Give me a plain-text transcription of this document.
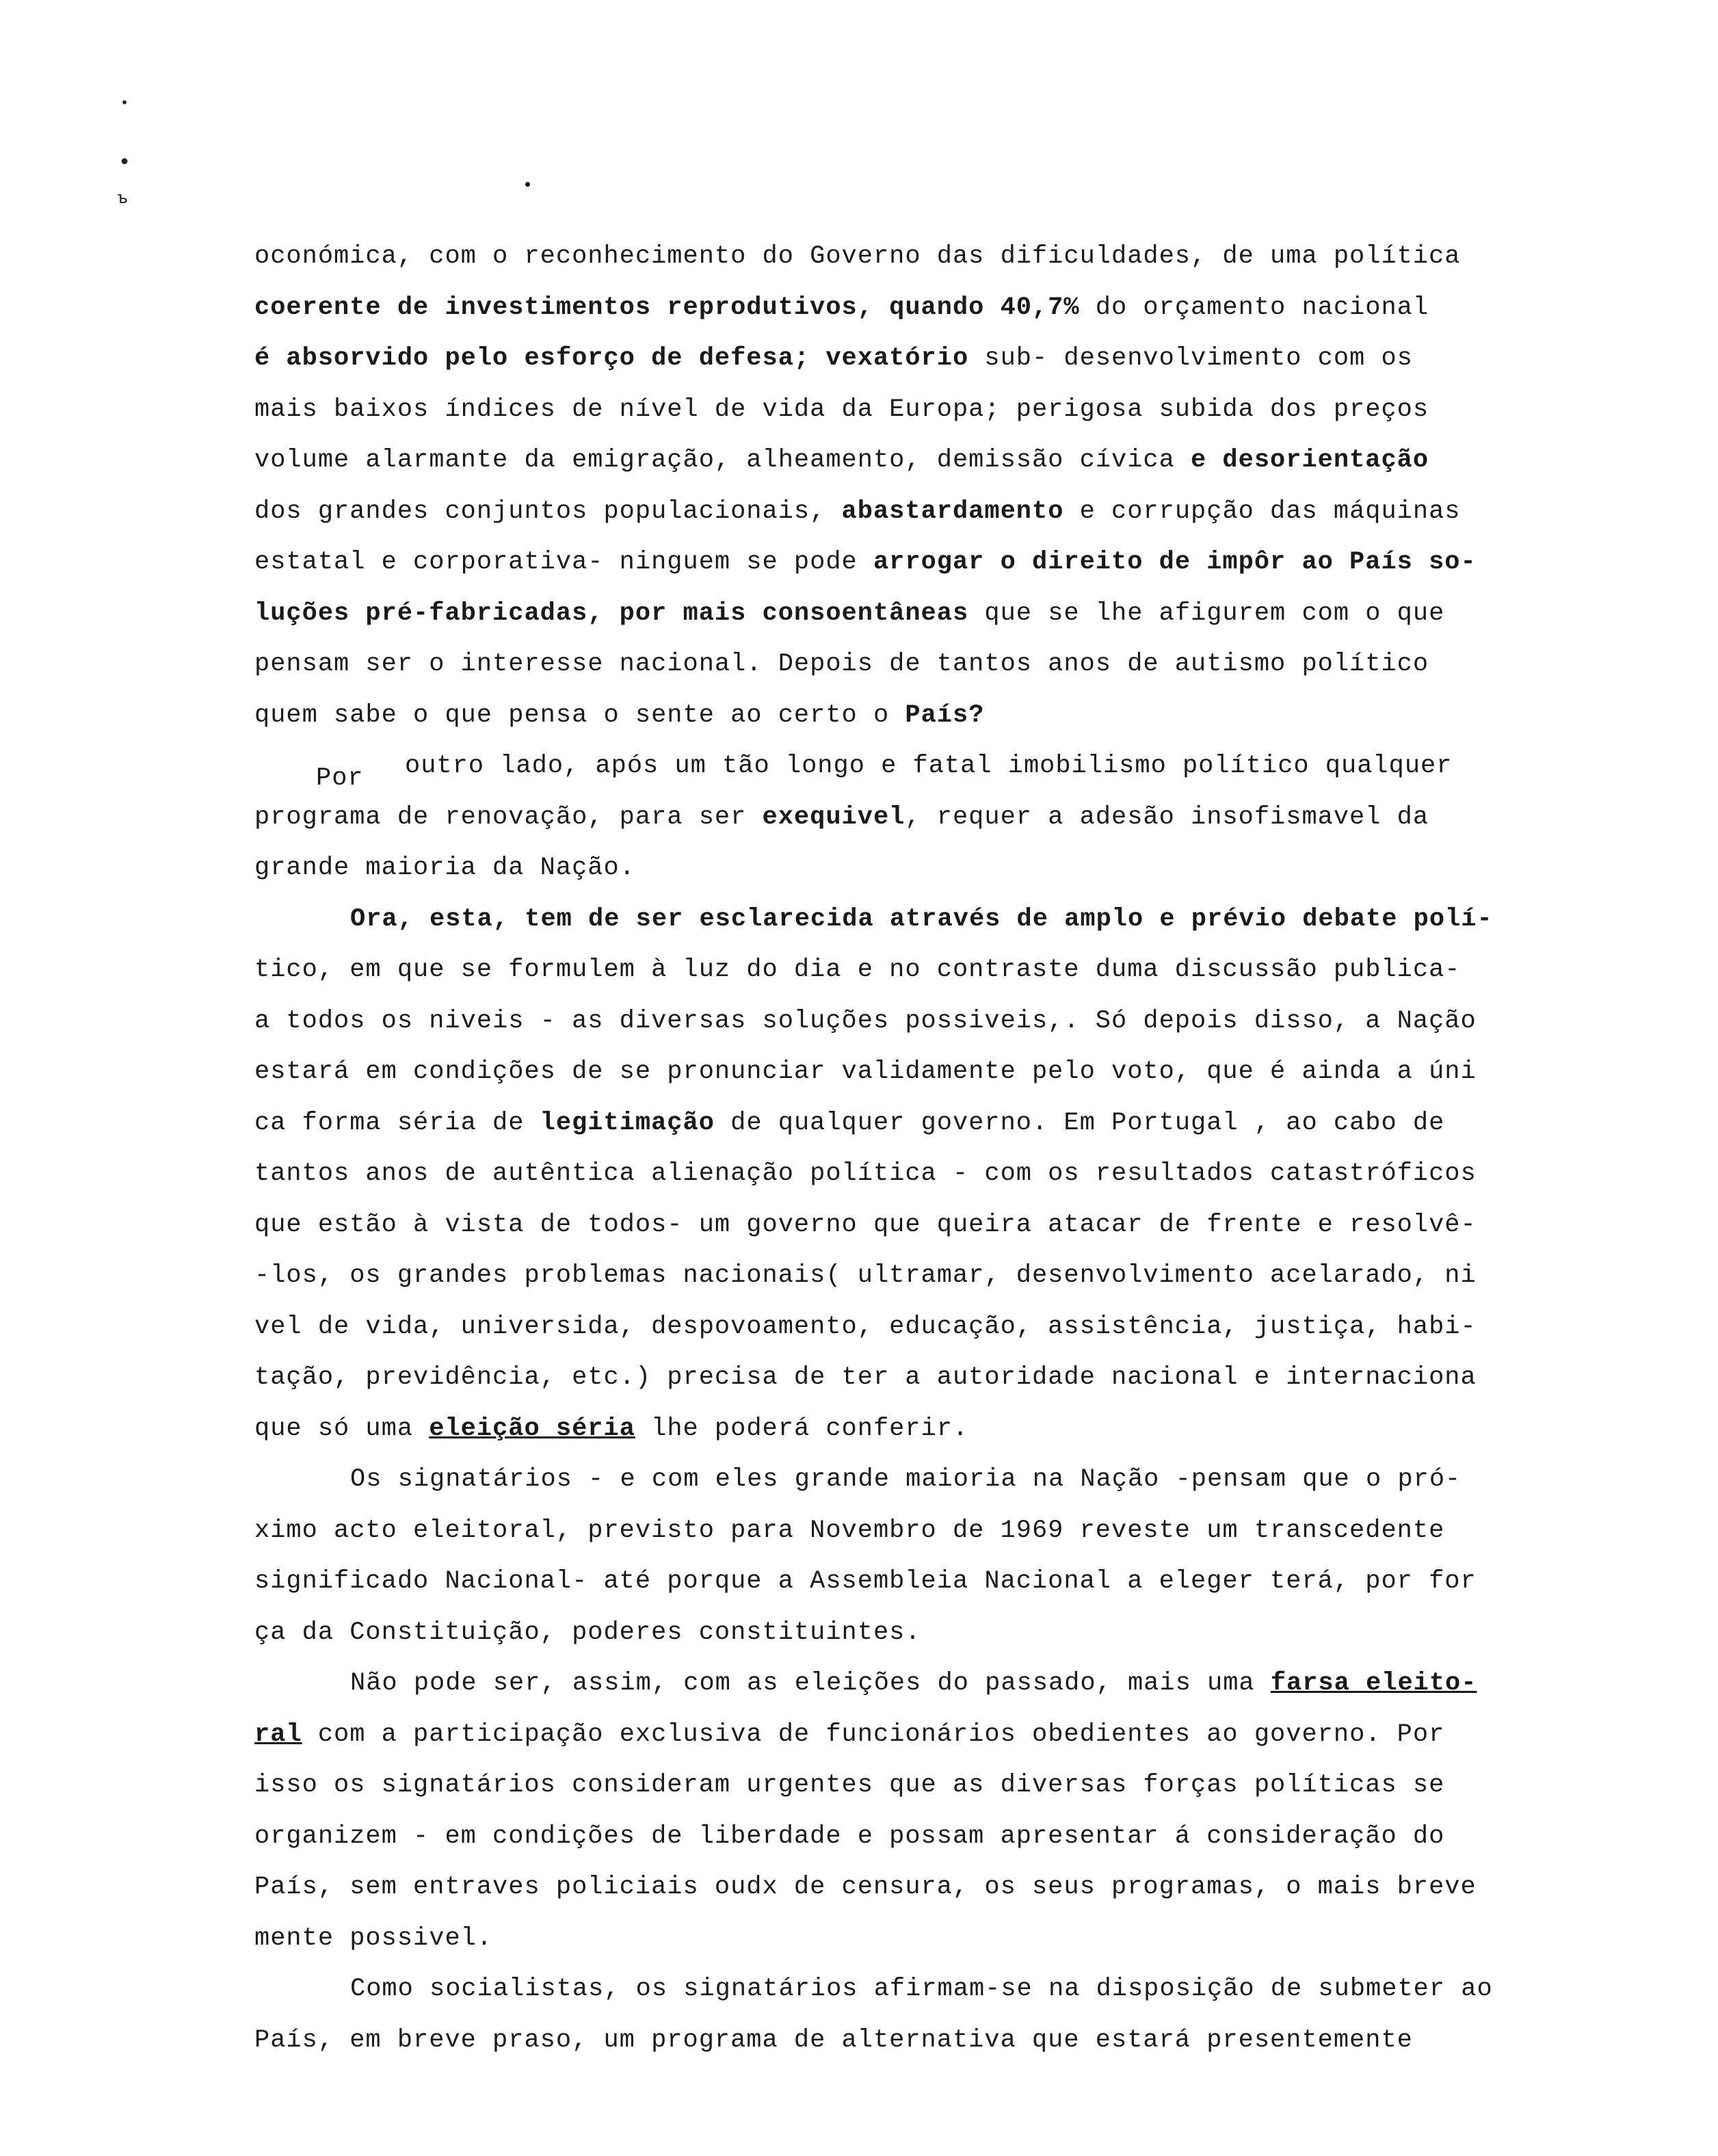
•
•
ъ
oconómica, com o reconhecimento do Governo das dificuldades, de uma política
coerente de investimentos reprodutivos, quando 40,7% do orçamento nacional
é absorvido pelo esforço de defesa; vexatório sub- desenvolvimento com os
mais baixos índices de nível de vida da Europa; perigosa subida dos preços
volume alarmante da emigração, alheamento, demissão cívica e desorientação
dos grandes conjuntos populacionais, abastardamento e corrupção das máquinas
estatal e corporativa- ninguem se pode arrogar o direito de impôr ao País so-
luções pré-fabricadas, por mais consoentâneas que se lhe afigurem com o que
pensam ser o interesse nacional. Depois de tantos anos de autismo político
quem sabe o que pensa o sente ao certo o País?
Por outro lado, após um tão longo e fatal imobilismo político qualquer
programa de renovação, para ser exequivel, requer a adesão insofismavel da
grande maioria da Nação.
Ora, esta, tem de ser esclarecida através de amplo e prévio debate polí-
tico, em que se formulem à luz do dia e no contraste duma discussão publica-
a todos os niveis - as diversas soluções possiveis,. Só depois disso, a Nação
estará em condições de se pronunciar validamente pelo voto, que é ainda a úni
ca forma séria de legitimação de qualquer governo. Em Portugal , ao cabo de
tantos anos de autêntica alienação política - com os resultados catastróficos
que estão à vista de todos- um governo que queira atacar de frente e resolvê-
-los, os grandes problemas nacionais( ultramar, desenvolvimento acelarado, ni
vel de vida, universida, despovoamento, educação, assistência, justiça, habi-
tação, previdência, etc.) precisa de ter a autoridade nacional e internaciona
que só uma eleição séria lhe poderá conferir.
Os signatários - e com eles grande maioria na Nação -pensam que o pró-
ximo acto eleitoral, previsto para Novembro de 1969 reveste um transcedente
significado Nacional- até porque a Assembleia Nacional a eleger terá, por for
ça da Constituição, poderes constituintes.
Não pode ser, assim, com as eleições do passado, mais uma farsa eleito-
ral com a participação exclusiva de funcionários obedientes ao governo. Por
isso os signatários consideram urgentes que as diversas forças políticas se
organizem - em condições de liberdade e possam apresentar á consideração do
País, sem entraves policiais oudx de censura, os seus programas, o mais breve
mente possivel.
Como socialistas, os signatários afirmam-se na disposição de submeter ao
País, em breve praso, um programa de alternativa que estará presentemente
